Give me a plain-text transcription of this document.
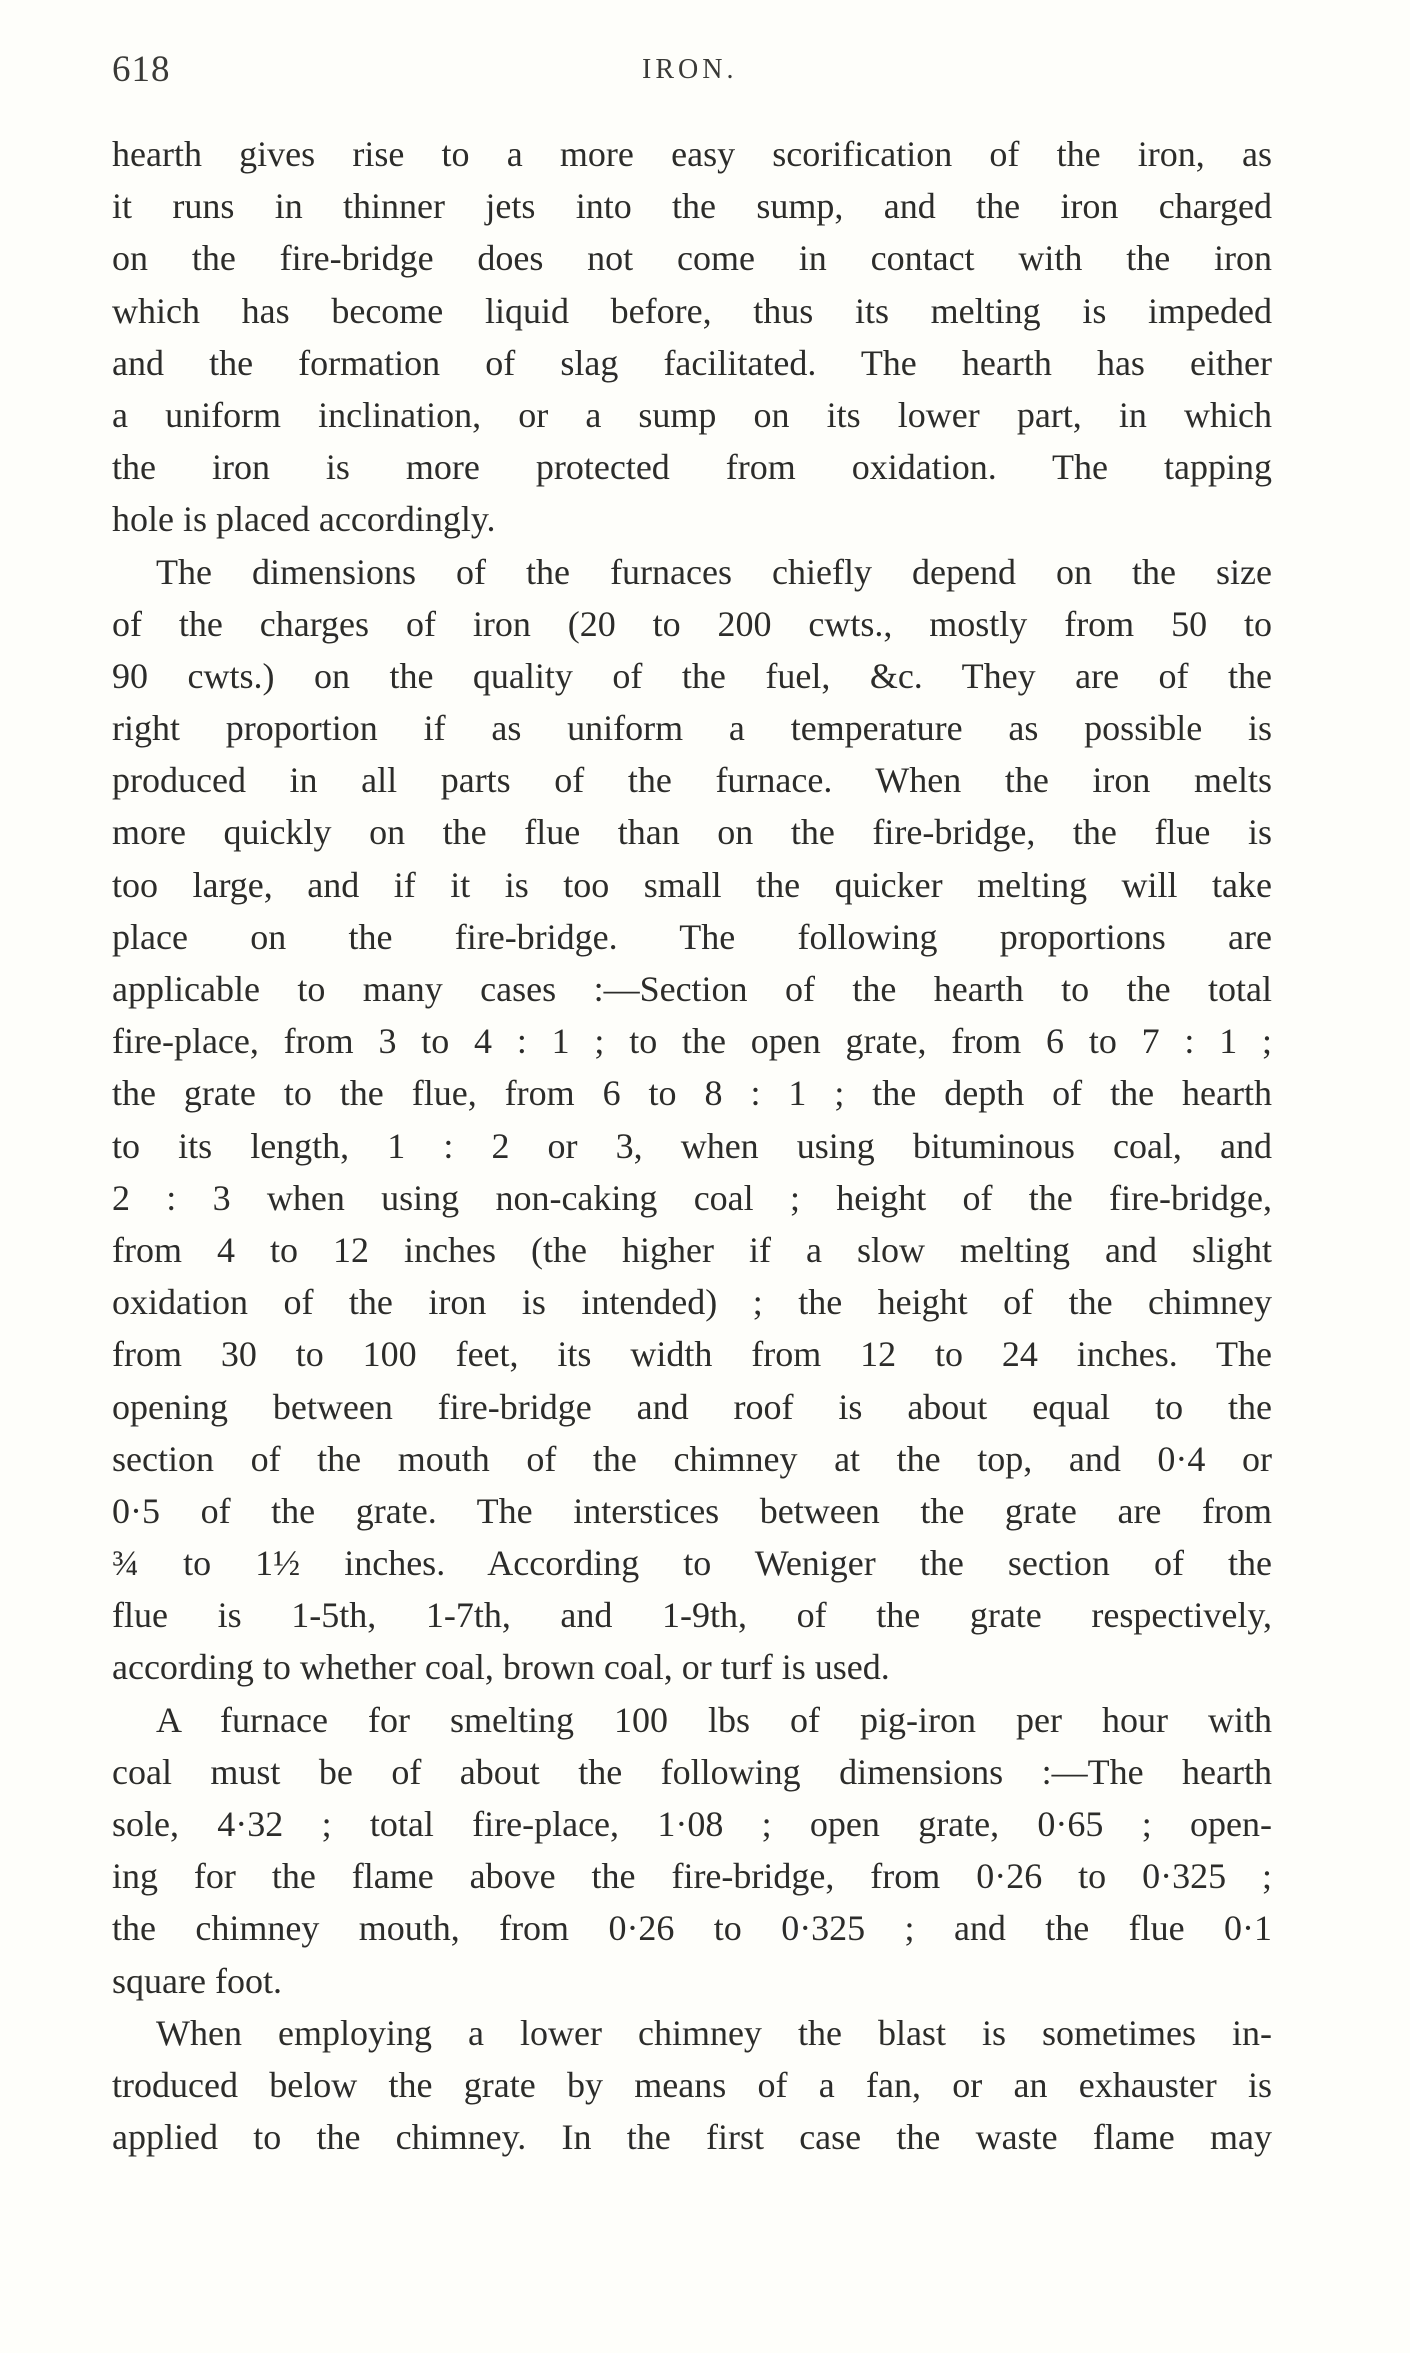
618	IRON.
hearth gives rise to a more easy scorification of the iron, as
it runs in thinner jets into the sump, and the iron charged
on the fire-bridge does not come in contact with the iron
which has become liquid before, thus its melting is impeded
and the formation of slag facilitated. The hearth has either
a uniform inclination, or a sump on its lower part, in which
the iron is more protected from oxidation. The tapping
hole is placed accordingly.
The dimensions of the furnaces chiefly depend on the size
of the charges of iron (20 to 200 cwts., mostly from 50 to
90 cwts.) on the quality of the fuel, &c. They are of the
right proportion if as uniform a temperature as possible is
produced in all parts of the furnace. When the iron melts
more quickly on the flue than on the fire-bridge, the flue is
too large, and if it is too small the quicker melting will take
place on the fire-bridge. The following proportions are
applicable to many cases :—Section of the hearth to the total
fire-place, from 3 to 4 : 1 ; to the open grate, from 6 to 7 : 1 ;
the grate to the flue, from 6 to 8 : 1 ; the depth of the hearth
to its length, 1 : 2 or 3, when using bituminous coal, and
2 : 3 when using non-caking coal ; height of the fire-bridge,
from 4 to 12 inches (the higher if a slow melting and slight
oxidation of the iron is intended) ; the height of the chimney
from 30 to 100 feet, its width from 12 to 24 inches. The
opening between fire-bridge and roof is about equal to the
section of the mouth of the chimney at the top, and 0·4 or
0·5 of the grate. The interstices between the grate are from
¾ to 1½ inches. According to Weniger the section of the
flue is 1-5th, 1-7th, and 1-9th, of the grate respectively,
according to whether coal, brown coal, or turf is used.
A furnace for smelting 100 lbs of pig-iron per hour with
coal must be of about the following dimensions :—The hearth
sole, 4·32 ; total fire-place, 1·08 ; open grate, 0·65 ; open-
ing for the flame above the fire-bridge, from 0·26 to 0·325 ;
the chimney mouth, from 0·26 to 0·325 ; and the flue 0·1
square foot.
When employing a lower chimney the blast is sometimes in-
troduced below the grate by means of a fan, or an exhauster is
applied to the chimney. In the first case the waste flame may
